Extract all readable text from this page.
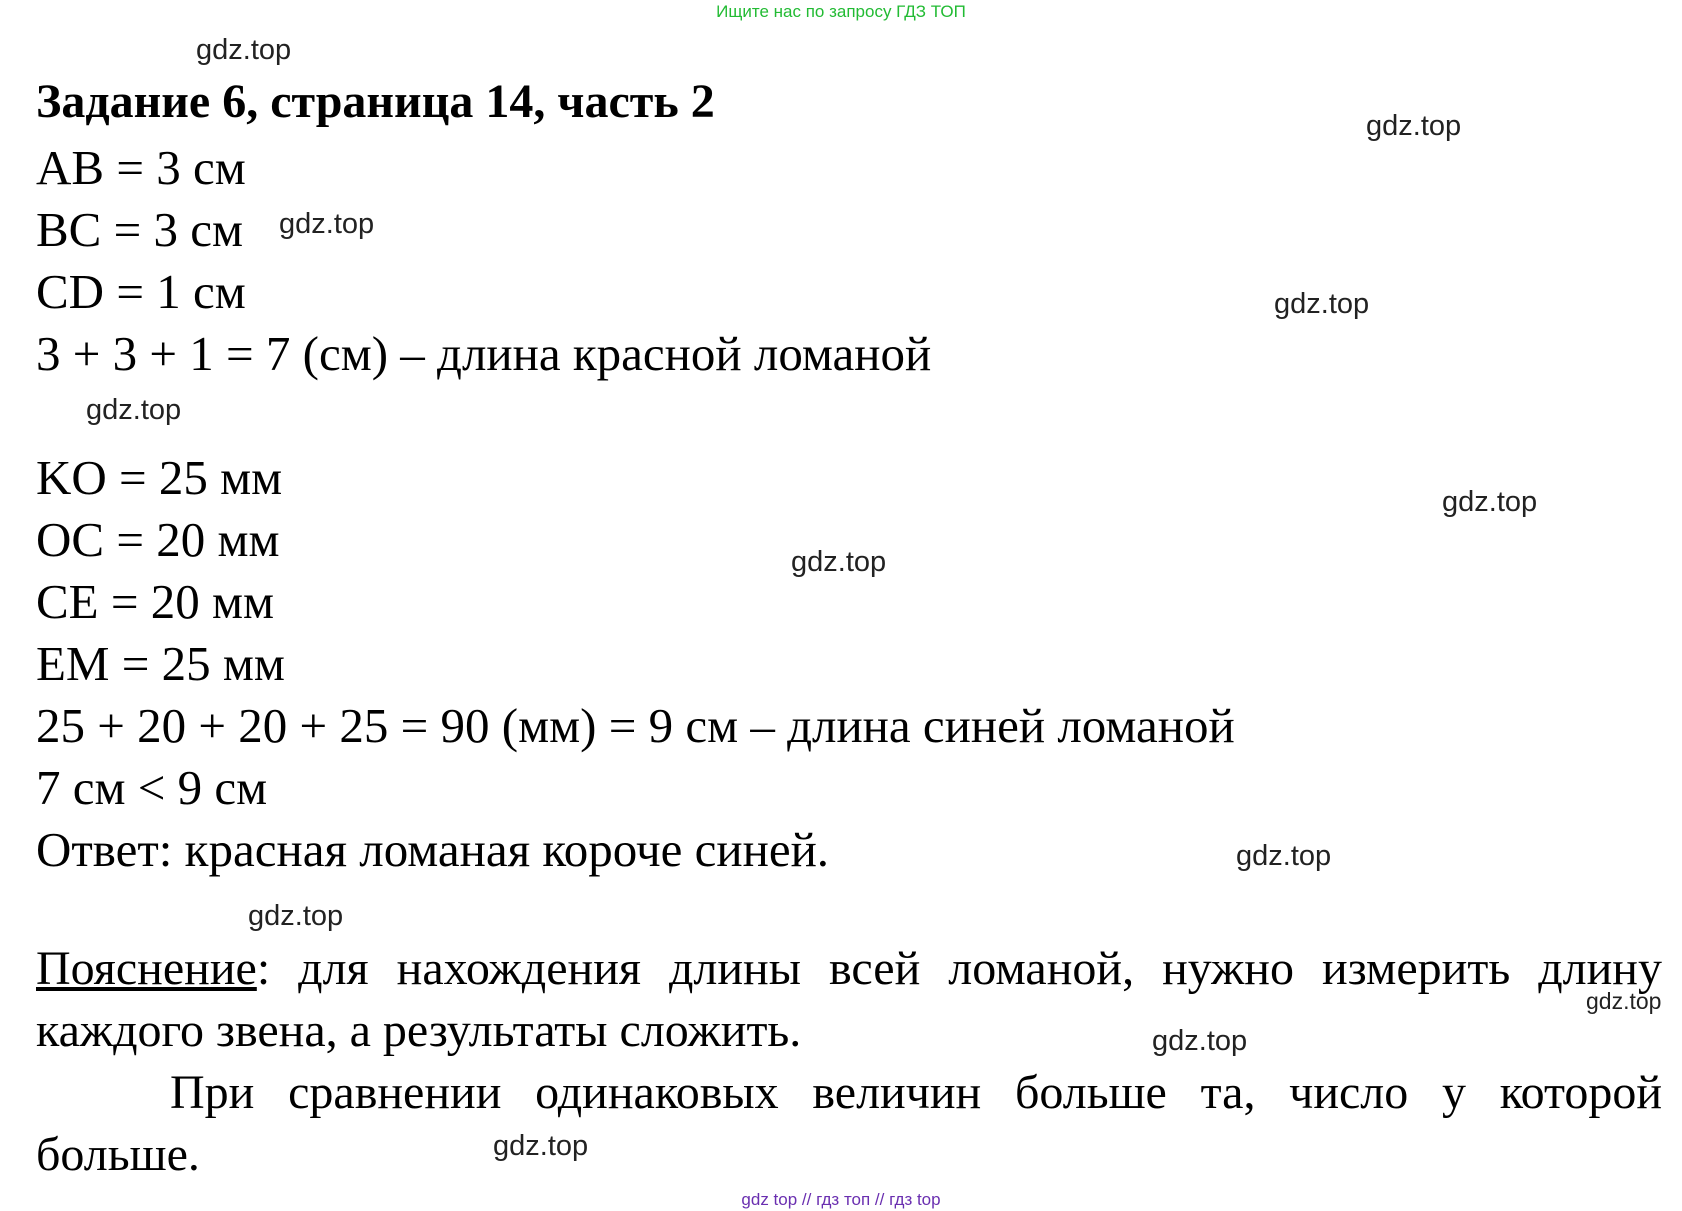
Ищите нас по запросу ГДЗ ТОП
gdz.top
gdz.top
gdz.top
gdz.top
gdz.top
gdz.top
gdz.top
gdz.top
gdz.top
gdz.top
gdz.top
gdz.top
Задание 6, страница 14, часть 2
AB = 3 см
BC = 3 см
CD = 1 см
3 + 3 + 1 = 7 (см) – длина красной ломаной
KO = 25 мм
OC = 20 мм
CE = 20 мм
EM = 25 мм
25 + 20 + 20 + 25 = 90 (мм) = 9 см – длина синей ломаной
7 см < 9 см
Ответ: красная ломаная короче синей.
Пояснение: для нахождения длины всей ломаной, нужно измерить длину каждого звена, а результаты сложить.
При сравнении одинаковых величин больше та, число у которой больше.
gdz top // гдз топ // гдз top
